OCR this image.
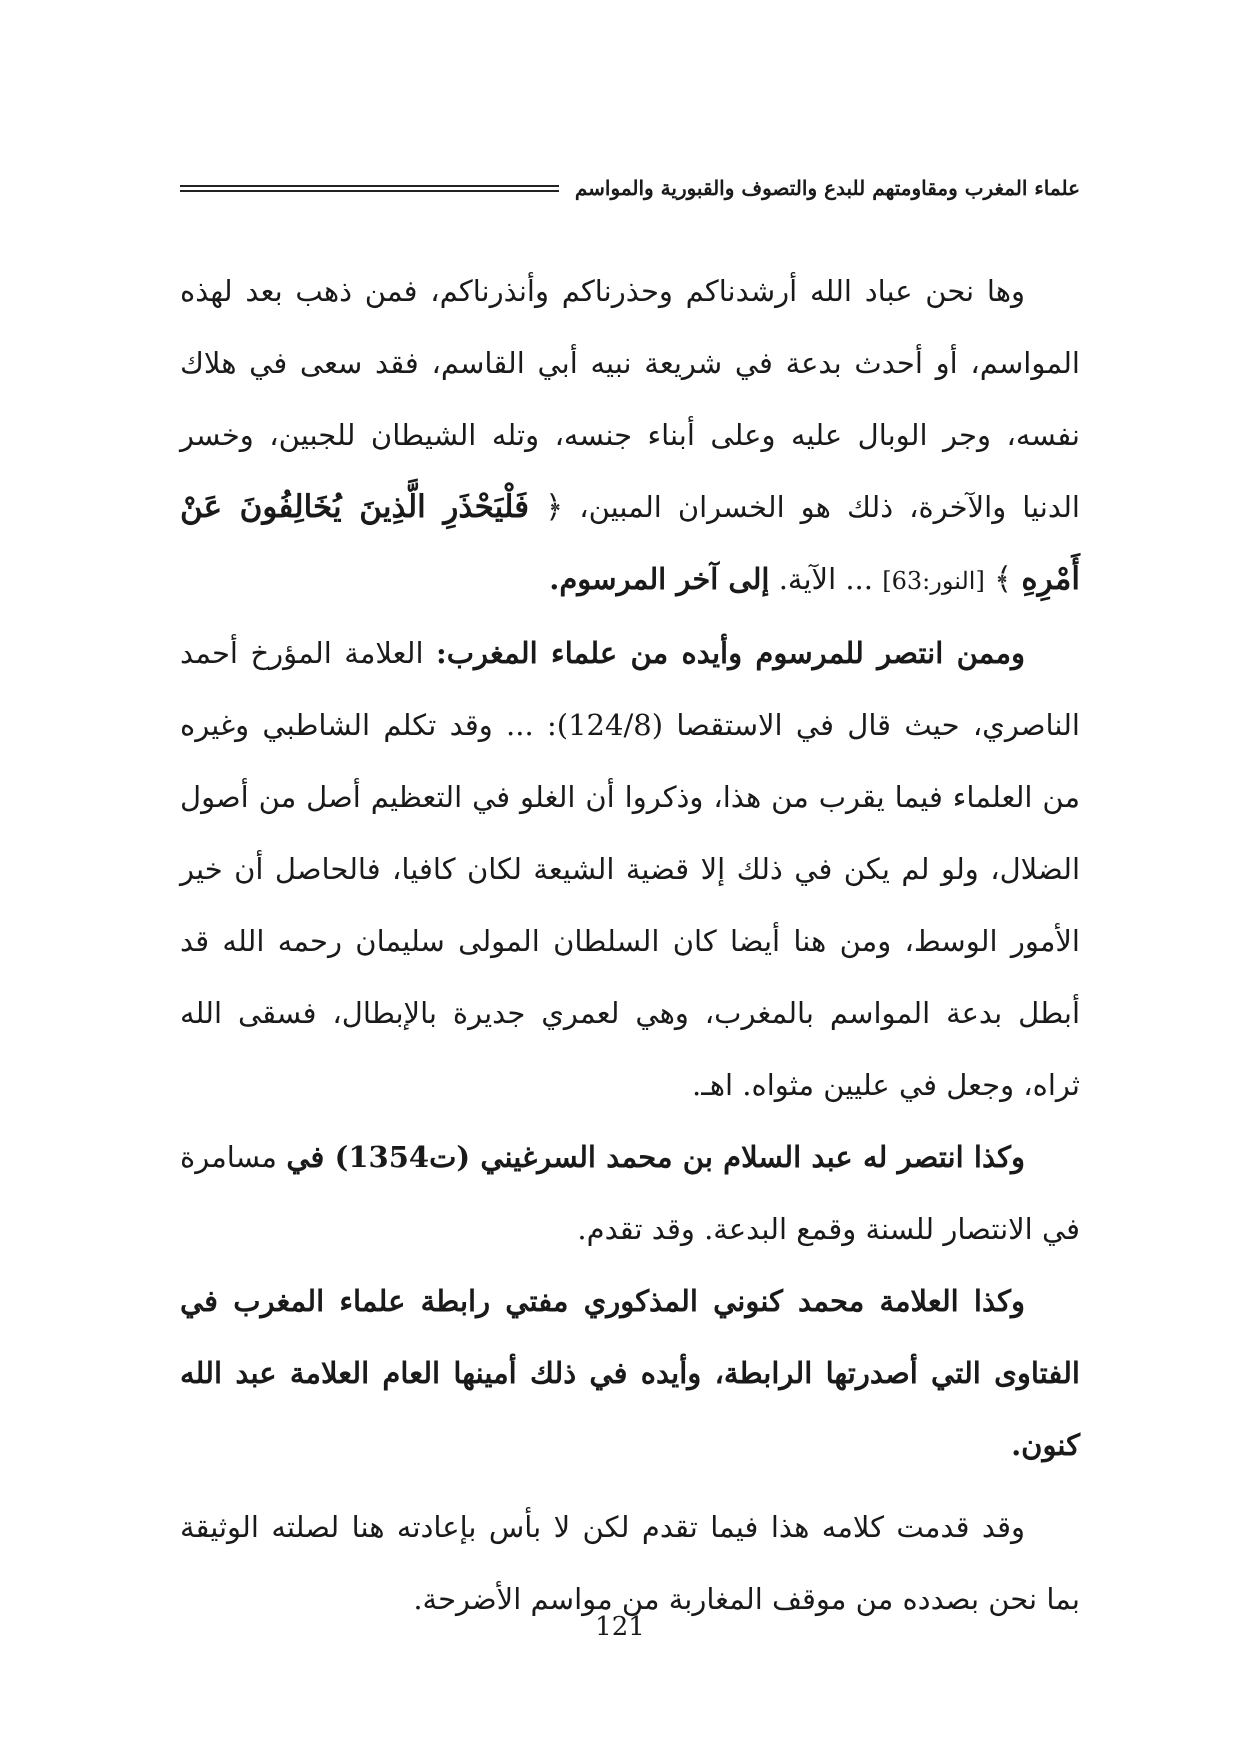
علماء المغرب ومقاومتهم للبدع والتصوف والقبورية والمواسم

وها نحن عباد الله أرشدناكم وحذرناكم وأنذرناكم، فمن ذهب بعد لهذه المواسم، أو أحدث بدعة في شريعة نبيه أبي القاسم، فقد سعى في هلاك نفسه، وجر الوبال عليه وعلى أبناء جنسه، وتله الشيطان للجبين، وخسر الدنيا والآخرة، ذلك هو الخسران المبين، ﴿ فَلْيَحْذَرِ الَّذِينَ يُخَالِفُونَ عَنْ أَمْرِهِ ﴾ [النور:63] ... الآية. إلى آخر المرسوم.

وممن انتصر للمرسوم وأيده من علماء المغرب: العلامة المؤرخ أحمد الناصري، حيث قال في الاستقصا (124/8): ... وقد تكلم الشاطبي وغيره من العلماء فيما يقرب من هذا، وذكروا أن الغلو في التعظيم أصل من أصول الضلال، ولو لم يكن في ذلك إلا قضية الشيعة لكان كافيا، فالحاصل أن خير الأمور الوسط، ومن هنا أيضا كان السلطان المولى سليمان رحمه الله قد أبطل بدعة المواسم بالمغرب، وهي لعمري جديرة بالإبطال، فسقى الله ثراه، وجعل في عليين مثواه. اهـ.

وكذا انتصر له عبد السلام بن محمد السرغيني (ت1354) في مسامرة في الانتصار للسنة وقمع البدعة. وقد تقدم.

وكذا العلامة محمد كنوني المذكوري مفتي رابطة علماء المغرب في الفتاوى التي أصدرتها الرابطة، وأيده في ذلك أمينها العام العلامة عبد الله كنون.

وقد قدمت كلامه هذا فيما تقدم لكن لا بأس بإعادته هنا لصلته الوثيقة بما نحن بصدده من موقف المغاربة من مواسم الأضرحة.

121
